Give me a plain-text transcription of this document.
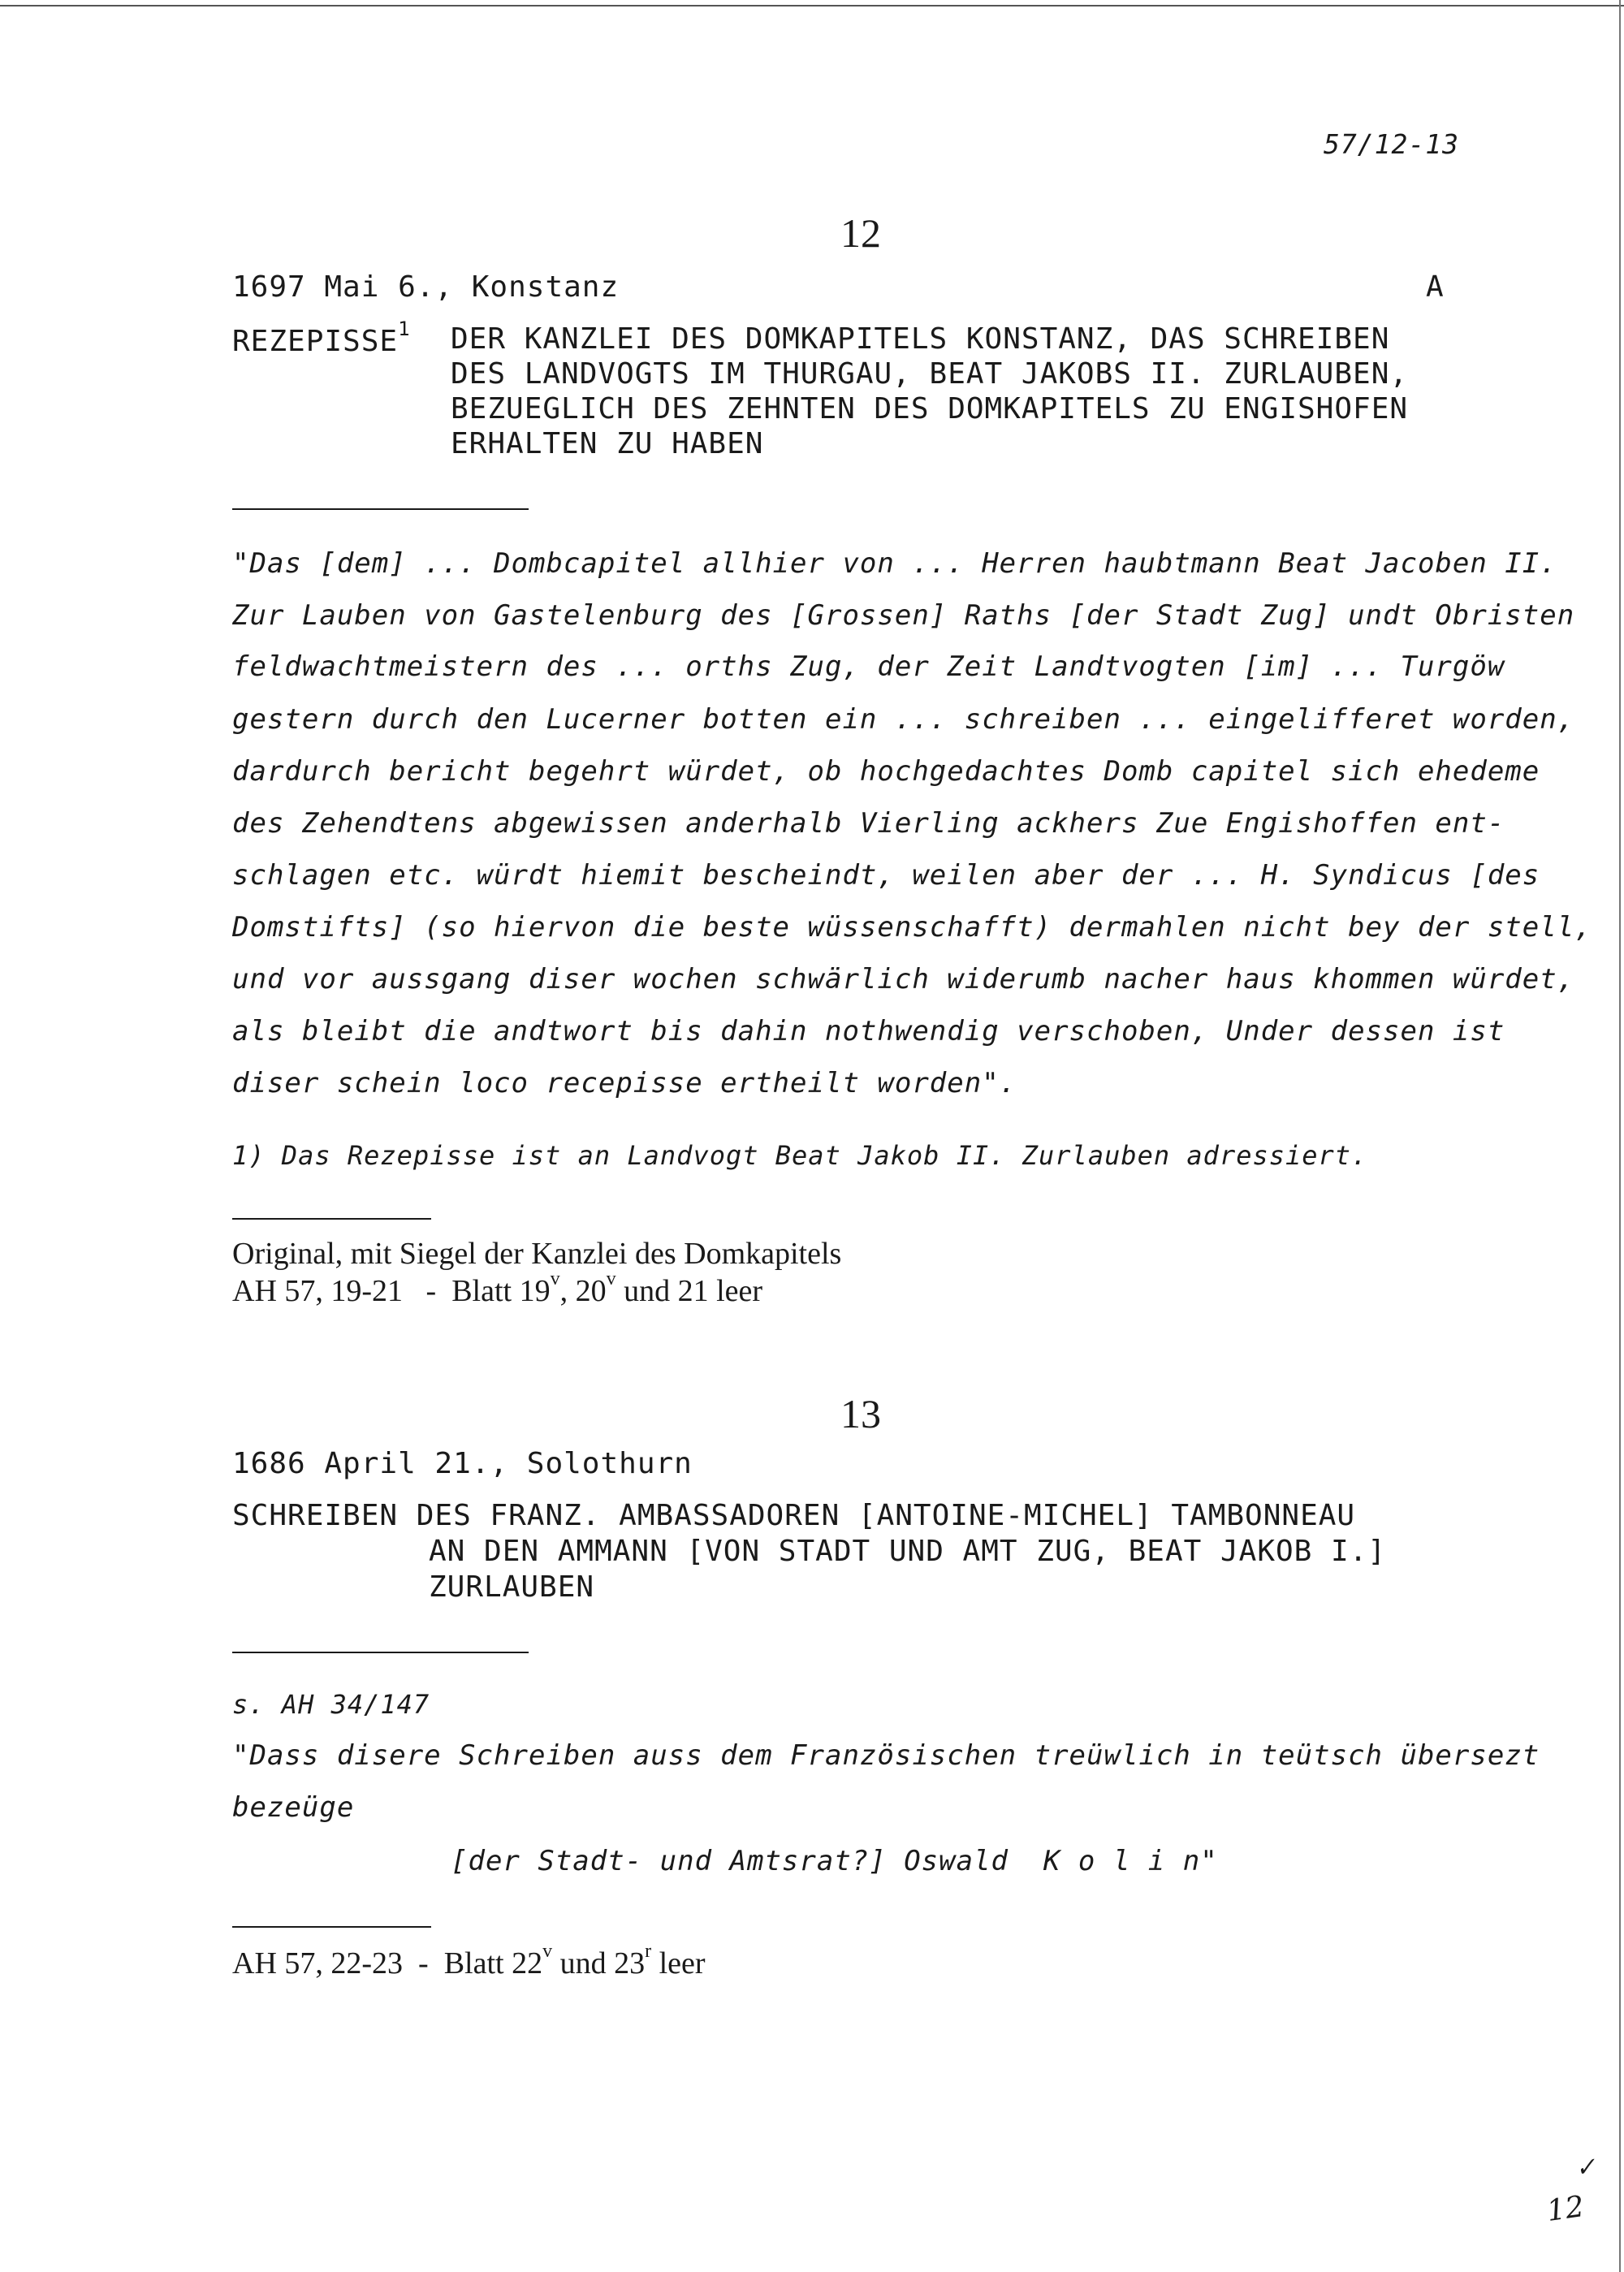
57/12-13
12
1697 Mai 6., Konstanz	A
REZEPISSE$^1$ DER KANZLEI DES DOMKAPITELS KONSTANZ, DAS SCHREIBEN
DES LANDVOGTS IM THURGAU, BEAT JAKOBS II. ZURLAUBEN,
BEZUEGLICH DES ZEHNTEN DES DOMKAPITELS ZU ENGISHOFEN
ERHALTEN ZU HABEN
"Das [dem] ... Dombcapitel allhier von ... Herren haubtmann Beat Jacoben II.
Zur Lauben von Gastelenburg des [Grossen] Raths [der Stadt Zug] undt Obristen
feldwachtmeistern des ... orths Zug, der Zeit Landtvogten [im] ... Turgöw
gestern durch den Lucerner botten ein ... schreiben ... eingelifferet worden,
dardurch bericht begehrt würdet, ob hochgedachtes Domb capitel sich ehedeme
des Zehendtens abgewissen anderhalb Vierling ackhers Zue Engishoffen ent-
schlagen etc. würdt hiemit bescheindt, weilen aber der ... H. Syndicus [des
Domstifts] (so hiervon die beste wüssenschafft) dermahlen nicht bey der stell,
und vor aussgang diser wochen schwärlich widerumb nacher haus khommen würdet,
als bleibt die andtwort bis dahin nothwendig verschoben, Under dessen ist
diser schein loco recepisse ertheilt worden".
1) Das Rezepisse ist an Landvogt Beat Jakob II. Zurlauben adressiert.
Original, mit Siegel der Kanzlei des Domkapitels
AH 57, 19-21   -  Blatt 19$^v$, 20$^v$ und 21 leer
13
1686 April 21., Solothurn
SCHREIBEN DES FRANZ. AMBASSADOREN [ANTOINE-MICHEL] TAMBONNEAU
AN DEN AMMANN [VON STADT UND AMT ZUG, BEAT JAKOB I.]
ZURLAUBEN
s. AH 34/147
"Dass disere Schreiben auss dem Französischen treüwlich in teütsch übersezt
bezeüge
[der Stadt- und Amtsrat?] Oswald  K o l i n"
AH 57, 22-23  -  Blatt 22$^v$ und 23$^r$ leer
✓
12
